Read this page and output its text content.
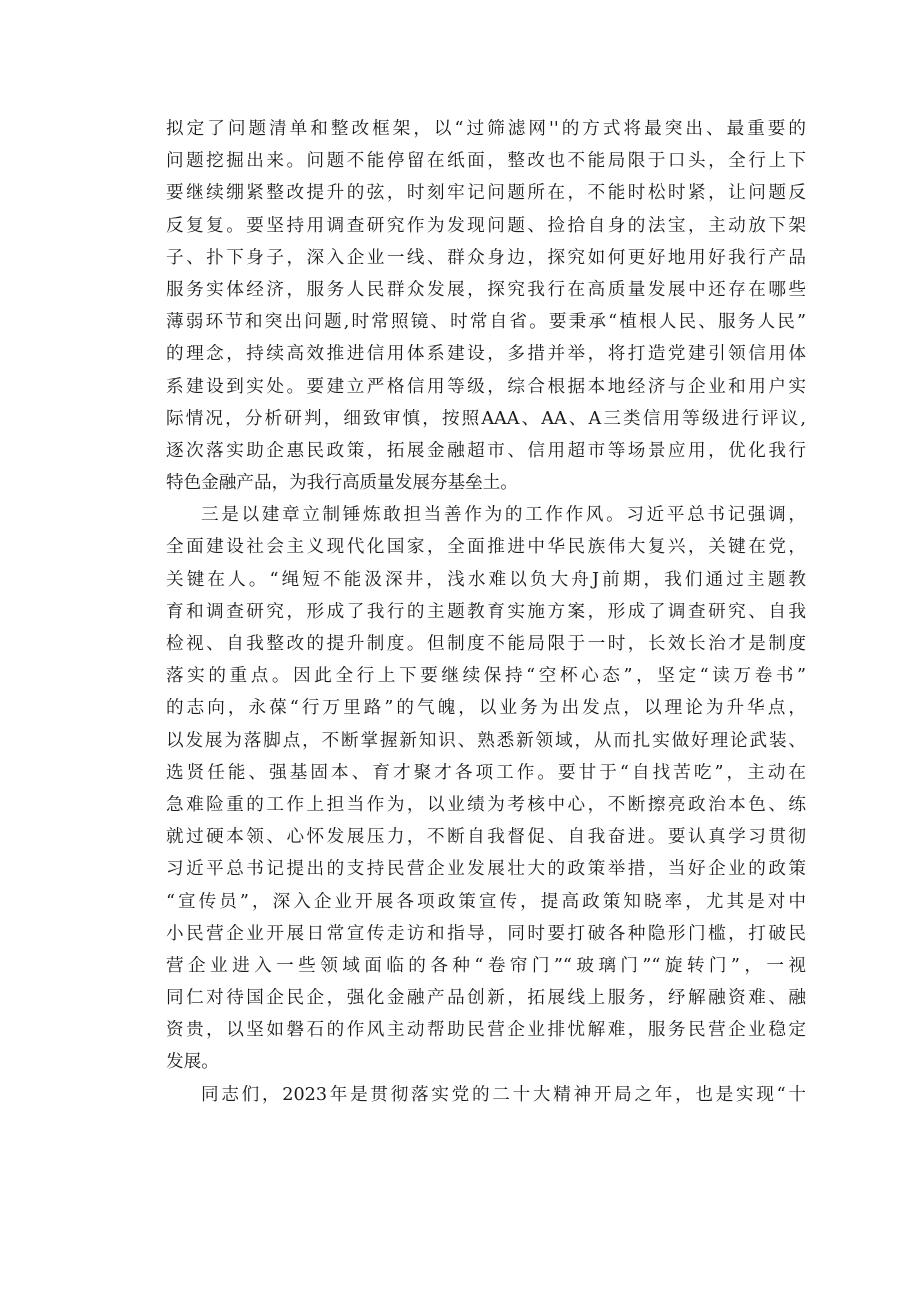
拟定了问题清单和整改框架，以“过筛滤网''的方式将最突出、最重要的
问题挖掘出来。问题不能停留在纸面，整改也不能局限于口头，全行上下
要继续绷紧整改提升的弦，时刻牢记问题所在，不能时松时紧，让问题反
反复复。要坚持用调查研究作为发现问题、捡拾自身的法宝，主动放下架
子、扑下身子，深入企业一线、群众身边，探究如何更好地用好我行产品
服务实体经济，服务人民群众发展，探究我行在高质量发展中还存在哪些
薄弱环节和突出问题,时常照镜、时常自省。要秉承“植根人民、服务人民”
的理念，持续高效推进信用体系建设，多措并举，将打造党建引领信用体
系建设到实处。要建立严格信用等级，综合根据本地经济与企业和用户实
际情况，分析研判，细致审慎，按照AAA、AA、A三类信用等级进行评议,
逐次落实助企惠民政策，拓展金融超市、信用超市等场景应用，优化我行
特色金融产品，为我行高质量发展夯基垒土。
三是以建章立制锤炼敢担当善作为的工作作风。习近平总书记强调，
全面建设社会主义现代化国家，全面推进中华民族伟大复兴，关键在党，
关键在人。“绳短不能汲深井，浅水难以负大舟J前期，我们通过主题教
育和调查研究，形成了我行的主题教育实施方案，形成了调查研究、自我
检视、自我整改的提升制度。但制度不能局限于一时，长效长治才是制度
落实的重点。因此全行上下要继续保持“空杯心态”，坚定“读万卷书”
的志向，永葆“行万里路”的气魄，以业务为出发点，以理论为升华点，
以发展为落脚点，不断掌握新知识、熟悉新领域，从而扎实做好理论武装、
选贤任能、强基固本、育才聚才各项工作。要甘于“自找苦吃”，主动在
急难险重的工作上担当作为，以业绩为考核中心，不断擦亮政治本色、练
就过硬本领、心怀发展压力，不断自我督促、自我奋进。要认真学习贯彻
习近平总书记提出的支持民营企业发展壮大的政策举措，当好企业的政策
“宣传员”，深入企业开展各项政策宣传，提高政策知晓率，尤其是对中
小民营企业开展日常宣传走访和指导，同时要打破各种隐形门槛，打破民
营企业进入一些领域面临的各种“卷帘门”“玻璃门”“旋转门”，一视
同仁对待国企民企，强化金融产品创新，拓展线上服务，纾解融资难、融
资贵，以坚如磐石的作风主动帮助民营企业排忧解难，服务民营企业稳定
发展。
同志们，2023年是贯彻落实党的二十大精神开局之年，也是实现“十
